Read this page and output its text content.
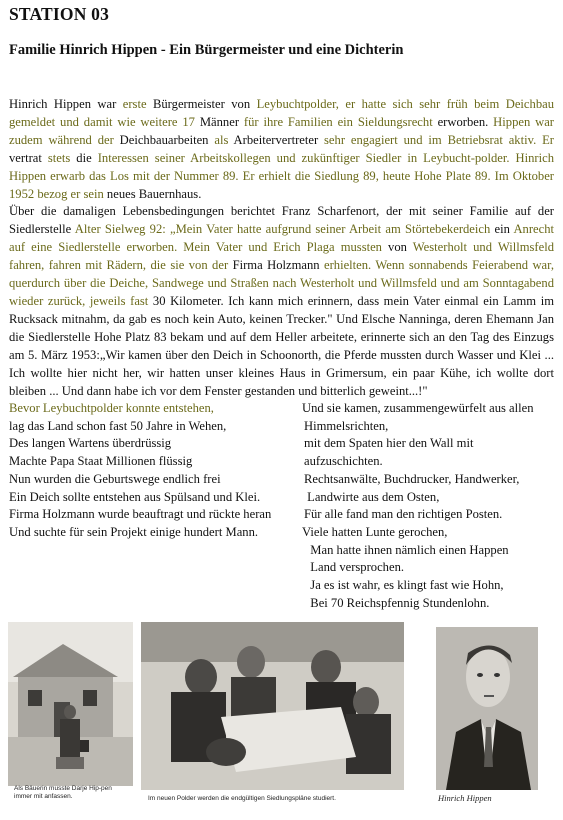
STATION 03
Familie Hinrich Hippen - Ein Bürgermeister und eine Dichterin

Hinrich Hippen war erste Bürgermeister von Leybuchtpolder, er hatte sich sehr früh beim Deichbau gemeldet und damit wie weitere 17 Männer für ihre Familien ein Sieldungsrecht erworben. Hippen war zudem während der Deichbauarbeiten als Arbeitervertreter sehr engagiert und im Betriebsrat aktiv. Er vertrat stets die Interessen seiner Arbeitskollegen und zukünftiger Siedler in Leybucht-polder. Hinrich Hippen erwarb das Los mit der Nummer 89. Er erhielt die Siedlung 89, heute Hohe Plate 89. Im Oktober 1952 bezog er sein neues Bauernhaus.

Über die damaligen Lebensbedingungen berichtet Franz Scharfenort, der mit seiner Familie auf der Siedlerstelle Alter Sielweg 92: „Mein Vater hatte aufgrund seiner Arbeit am Störtebekerdeich ein Anrecht auf eine Siedlerstelle erworben. Mein Vater und Erich Plaga mussten von Westerholt und Willmsfeld fahren, fahren mit Rädern, die sie von der Firma Holzmann erhielten. Wenn sonnabends Feierabend war, querdurch über die Deiche, Sandwege und Straßen nach Westerholt und Willmsfeld und am Sonntagabend wieder zurück, jeweils fast 30 Kilometer. Ich kann mich erinnern, dass mein Vater einmal ein Lamm im Rucksack mitnahm, da gab es noch kein Auto, keinen Trecker." Und Elsche Nanninga, deren Ehemann Jan die Siedlerstelle Hohe Platz 83 bekam und auf dem Heller arbeitete, erinnerte sich an den Tag des Einzugs am 5. März 1953:„Wir kamen über den Deich in Schoonorth, die Pferde mussten durch Wasser und Klei ... Ich wollte hier nicht her, wir hatten unser kleines Haus in Grimersum, ein paar Kühe, ich wollte dort bleiben ... Und dann habe ich vor dem Fenster gestanden und bitterlich geweint...!"

Bevor Leybuchtpolder konnte entstehen,
lag das Land schon fast 50 Jahre in Wehen,
Des langen Wartens überdrüssig
Machte Papa Staat Millionen flüssig
Nun wurden die Geburtswege endlich frei
Ein Deich sollte entstehen aus Spülsand und Klei.
Firma Holzmann wurde beauftragt und rückte heran
Und suchte für sein Projekt einige hundert Mann.
Und sie kamen, zusammengewürfelt aus allen
Himmelsrichten,
mit dem Spaten hier den Wall mit
aufzuschichten.
Rechtsanwälte, Buchdrucker, Handwerker,
Landwirte aus dem Osten,
Für alle fand man den richtigen Posten.
Viele hatten Lunte gerochen,
Man hatte ihnen nämlich einen Happen
Land versprochen.
Ja es ist wahr, es klingt fast wie Hohn,
Bei 70 Reichspfennig Stundenlohn.
Als Bäuerin musste Darje Hip-pen immer mit anfassen.	Im neuen Polder werden die endgültigen Siedlungspläne studiert.	Hinrich Hippen
